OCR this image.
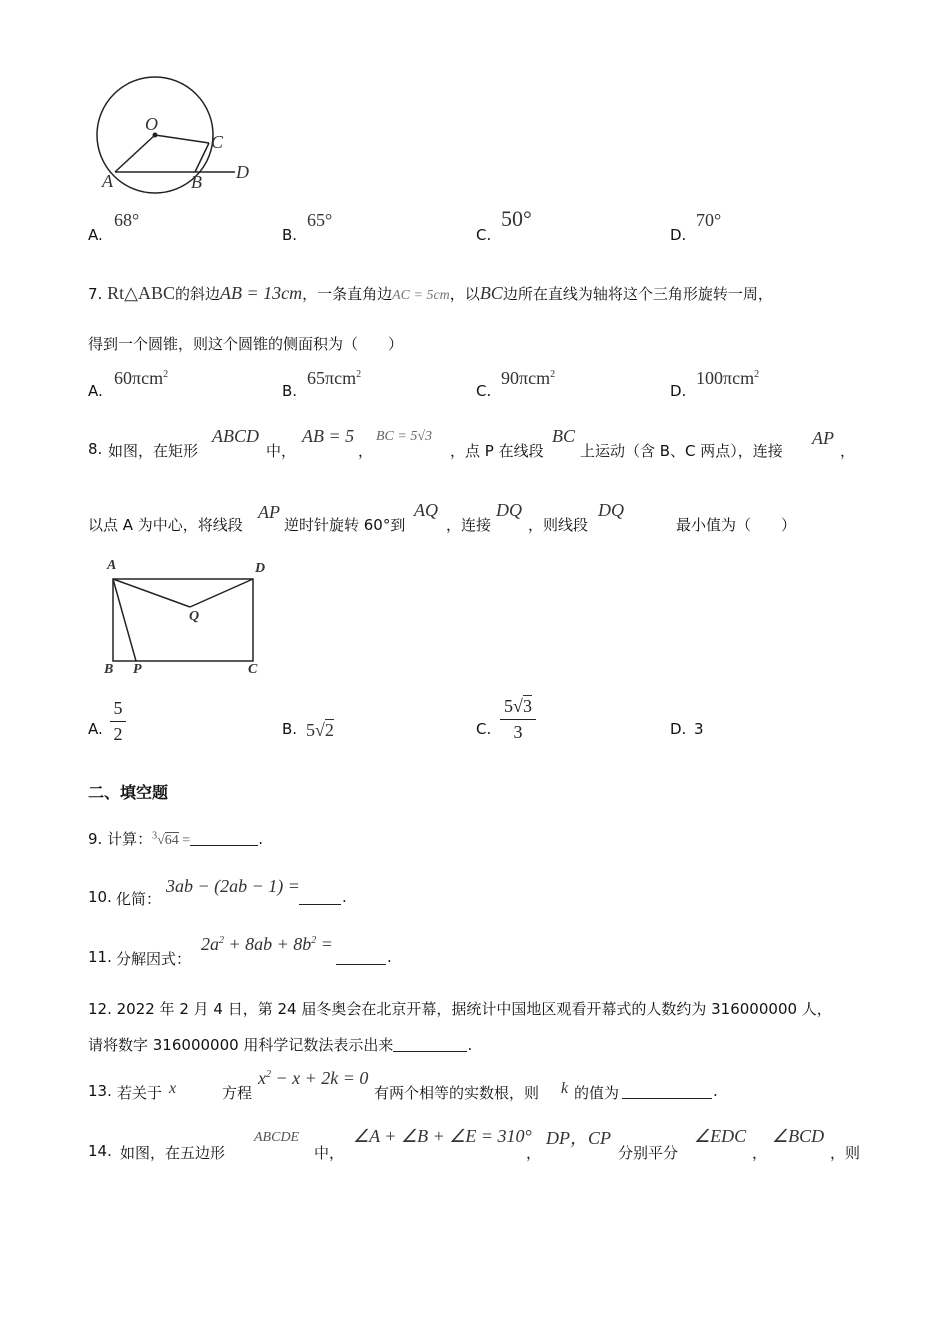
O
C
A	B D
A.
68°
B.
65°
C.
50°
D.
70°
7. Rt△ABC的斜边AB = 13cm，一条直角边AC = 5cm，以BC边所在直线为轴将这个三角形旋转一周，
得到一个圆锥，则这个圆锥的侧面积为（　　）
A.
60πcm$^2$
B.
65πcm$^2$
C.
90πcm$^2$
D.
100πcm$^2$
8. 如图，在矩形
ABCD
中，
AB = 5
，
BC = 5√3
，点 P 在线段
BC
上运动（含 B、C 两点），连接
AP
，
以点 A 为中心，将线段
AP
逆时针旋转 60°到
AQ
，连接
DQ
，则线段
DQ
最小值为（　　）
A	D
Q
B P	C
A.
5
2	B. 5√2	C.
5√3
3	D. 3
二、填空题
9. 计算：$^3$√64 =	.
10. 化简：
3ab − (2ab − 1) =
.
11. 分解因式：
$2a^2 + 8ab + 8b^2$ =
.
12. 2022 年 2 月 4 日，第 24 届冬奥会在北京开幕，据统计中国地区观看开幕式的人数约为 316000000 人，
请将数字 316000000 用科学记数法表示出来	.
13. 若关于 x	方程
$x^2 - x + 2k = 0$
有两个相等的实数根，则 k 的值为	.
14. 如图，在五边形
ABCDE
中，
∠A + ∠B + ∠E = 310°
，
DP，CP
分别平分
∠EDC
，
∠BCD
，则
